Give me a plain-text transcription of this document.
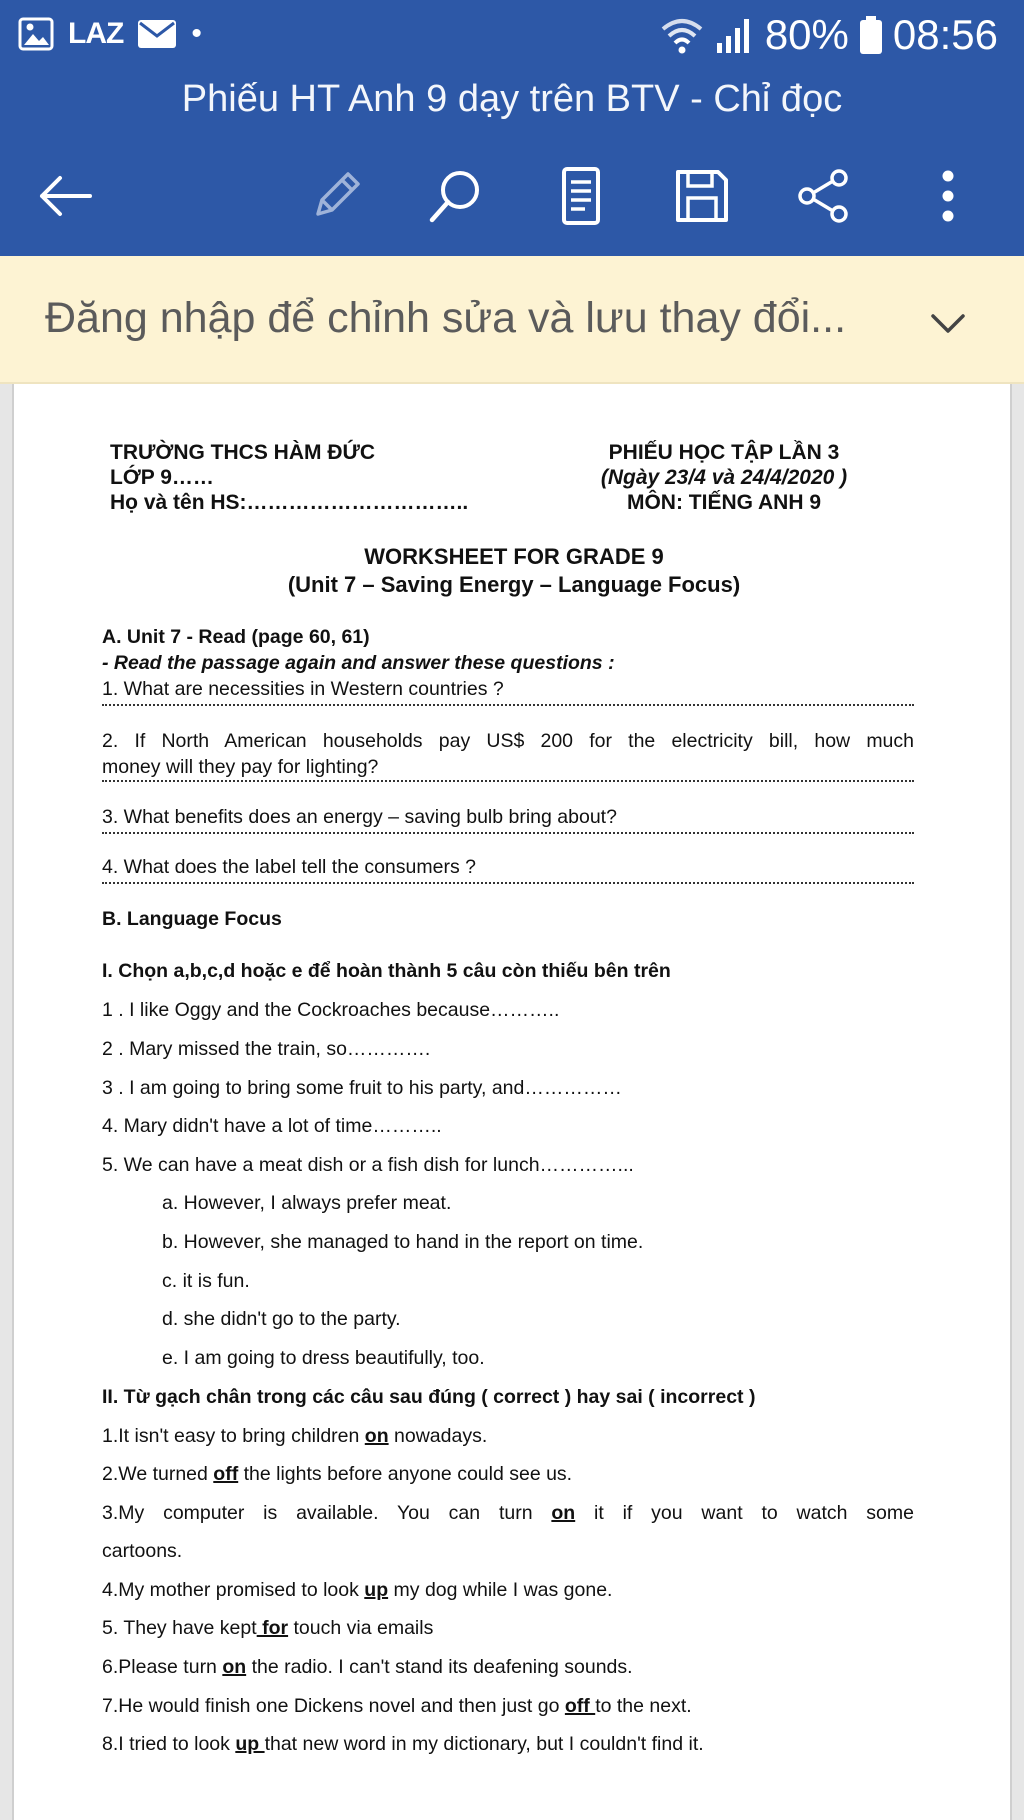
LAZ •	80% 08:56
Phiếu HT Anh 9 dạy trên BTV - Chỉ đọc
Đăng nhập để chỉnh sửa và lưu thay đổi...
TRƯỜNG THCS HÀM ĐỨC
LỚP 9……
Họ và tên HS:…………………………..
PHIẾU HỌC TẬP LẦN 3
(Ngày 23/4 và 24/4/2020 )
MÔN: TIẾNG ANH 9
WORKSHEET FOR GRADE 9
(Unit 7 – Saving Energy – Language Focus)
A. Unit 7 - Read (page 60, 61)
- Read the passage again and answer these questions :
1. What are necessities in Western countries ?
2. If North American households pay US$ 200 for the electricity bill, how much
money will they pay for lighting?
3. What benefits does an energy – saving bulb bring about?
4. What does the label tell the consumers ?
B. Language Focus
I. Chọn a,b,c,d hoặc e để hoàn thành 5 câu còn thiếu bên trên
1 . I like Oggy and the Cockroaches because………..
2 . Mary missed the train, so………….
3 . I am going to bring some fruit to his party, and……………
4. Mary didn't have a lot of time………..
5. We can have a meat dish or a fish dish for lunch…………...
a. However, I always prefer meat.
b. However, she managed to hand in the report on time.
c. it is fun.
d. she didn't go to the party.
e. I am going to dress beautifully, too.
II. Từ gạch chân trong các câu sau đúng ( correct ) hay sai ( incorrect )
1.It isn't easy to bring children on nowadays.
2.We turned off the lights before anyone could see us.
3.My computer is available. You can turn on it if you want to watch some
cartoons.
4.My mother promised to look up my dog while I was gone.
5. They have kept for touch via emails
6.Please turn on the radio. I can't stand its deafening sounds.
7.He would finish one Dickens novel and then just go off to the next.
8.I tried to look up that new word in my dictionary, but I couldn't find it.
